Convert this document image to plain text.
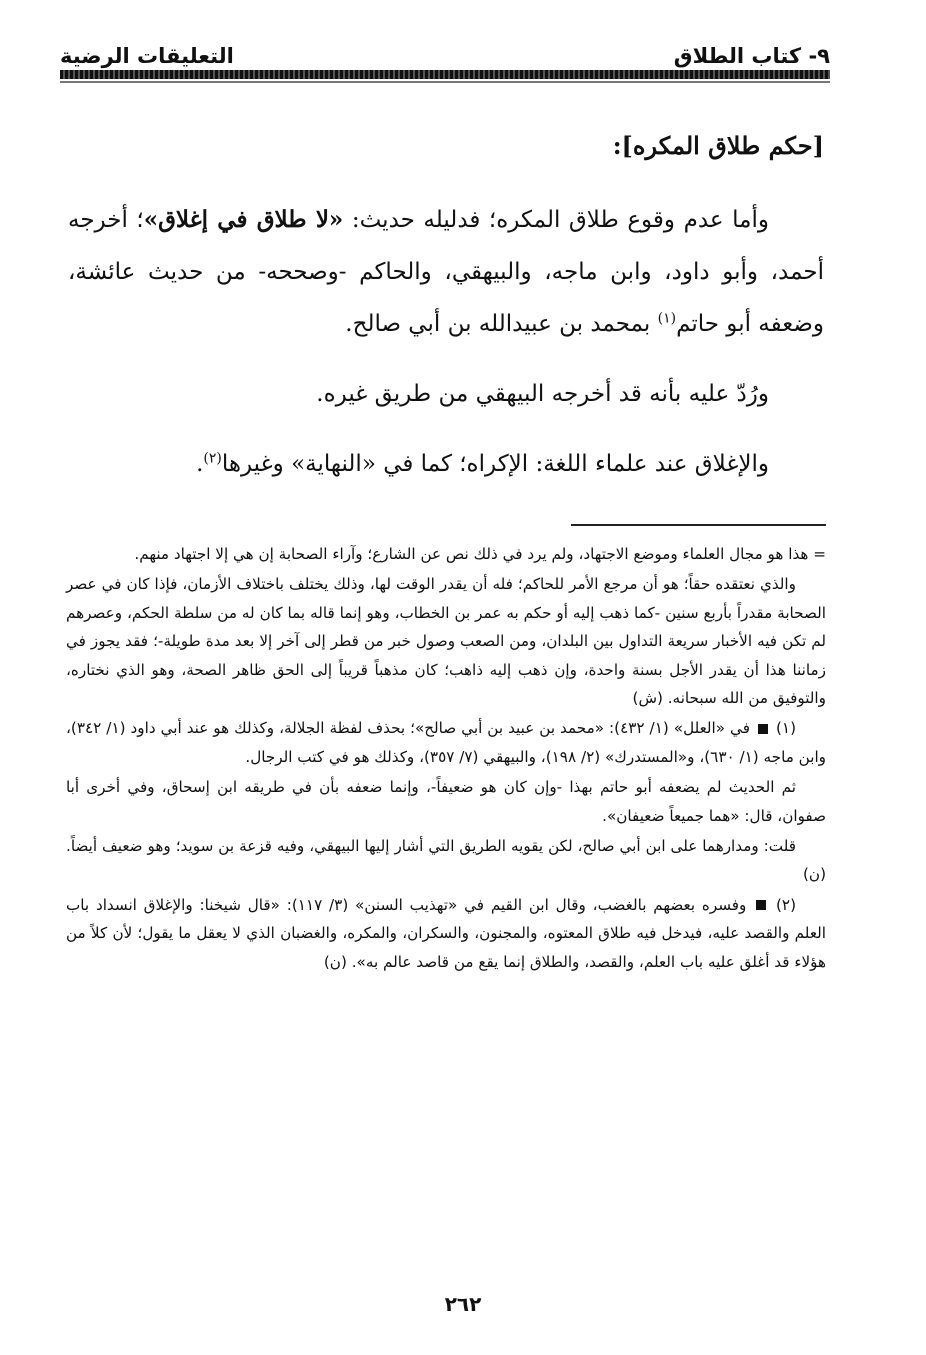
٩- كتاب الطلاق
التعليقات الرضية

[حكم طلاق المكره]:

وأما عدم وقوع طلاق المكره؛ فدليله حديث: «لا طلاق في إغلاق»؛ أخرجه أحمد، وأبو داود، وابن ماجه، والبيهقي، والحاكم -وصححه- من حديث عائشة، وضعفه أبو حاتم$^{(١)}$ بمحمد بن عبيدالله بن أبي صالح.

ورُدّ عليه بأنه قد أخرجه البيهقي من طريق غيره.

والإغلاق عند علماء اللغة: الإكراه؛ كما في «النهاية» وغيرها$^{(٢)}$.

= هذا هو مجال العلماء وموضع الاجتهاد، ولم يرد في ذلك نص عن الشارع؛ وآراء الصحابة إن هي إلا اجتهاد منهم.

والذي نعتقده حقاً؛ هو أن مرجع الأمر للحاكم؛ فله أن يقدر الوقت لها، وذلك يختلف باختلاف الأزمان، فإذا كان في عصر الصحابة مقدراً بأربع سنين -كما ذهب إليه أو حكم به عمر بن الخطاب، وهو إنما قاله بما كان له من سلطة الحكم، وعصرهم لم تكن فيه الأخبار سريعة التداول بين البلدان، ومن الصعب وصول خبر من قطر إلى آخر إلا بعد مدة طويلة-؛ فقد يجوز في زماننا هذا أن يقدر الأجل بسنة واحدة، وإن ذهب إليه ذاهب؛ كان مذهباً قريباً إلى الحق ظاهر الصحة، وهو الذي نختاره، والتوفيق من الله سبحانه. (ش)

(١)  في «العلل» (١/ ٤٣٢): «محمد بن عبيد بن أبي صالح»؛ بحذف لفظة الجلالة، وكذلك هو عند أبي داود (١/ ٣٤٢)، وابن ماجه (١/ ٦٣٠)، و«المستدرك» (٢/ ١٩٨)، والبيهقي (٧/ ٣٥٧)، وكذلك هو في كتب الرجال.

ثم الحديث لم يضعفه أبو حاتم بهذا -وإن كان هو ضعيفاً-، وإنما ضعفه بأن في طريقه ابن إسحاق، وفي أخرى أبا صفوان، قال: «هما جميعاً ضعيفان».

قلت: ومدارهما على ابن أبي صالح، لكن يقويه الطريق التي أشار إليها البيهقي، وفيه قزعة بن سويد؛ وهو ضعيف أيضاً. (ن)

(٢)  وفسره بعضهم بالغضب، وقال ابن القيم في «تهذيب السنن» (٣/ ١١٧): «قال شيخنا: والإغلاق انسداد باب العلم والقصد عليه، فيدخل فيه طلاق المعتوه، والمجنون، والسكران، والمكره، والغضبان الذي لا يعقل ما يقول؛ لأن كلاً من هؤلاء قد أغلق عليه باب العلم، والقصد، والطلاق إنما يقع من قاصد عالم به». (ن)

٢٦٢
